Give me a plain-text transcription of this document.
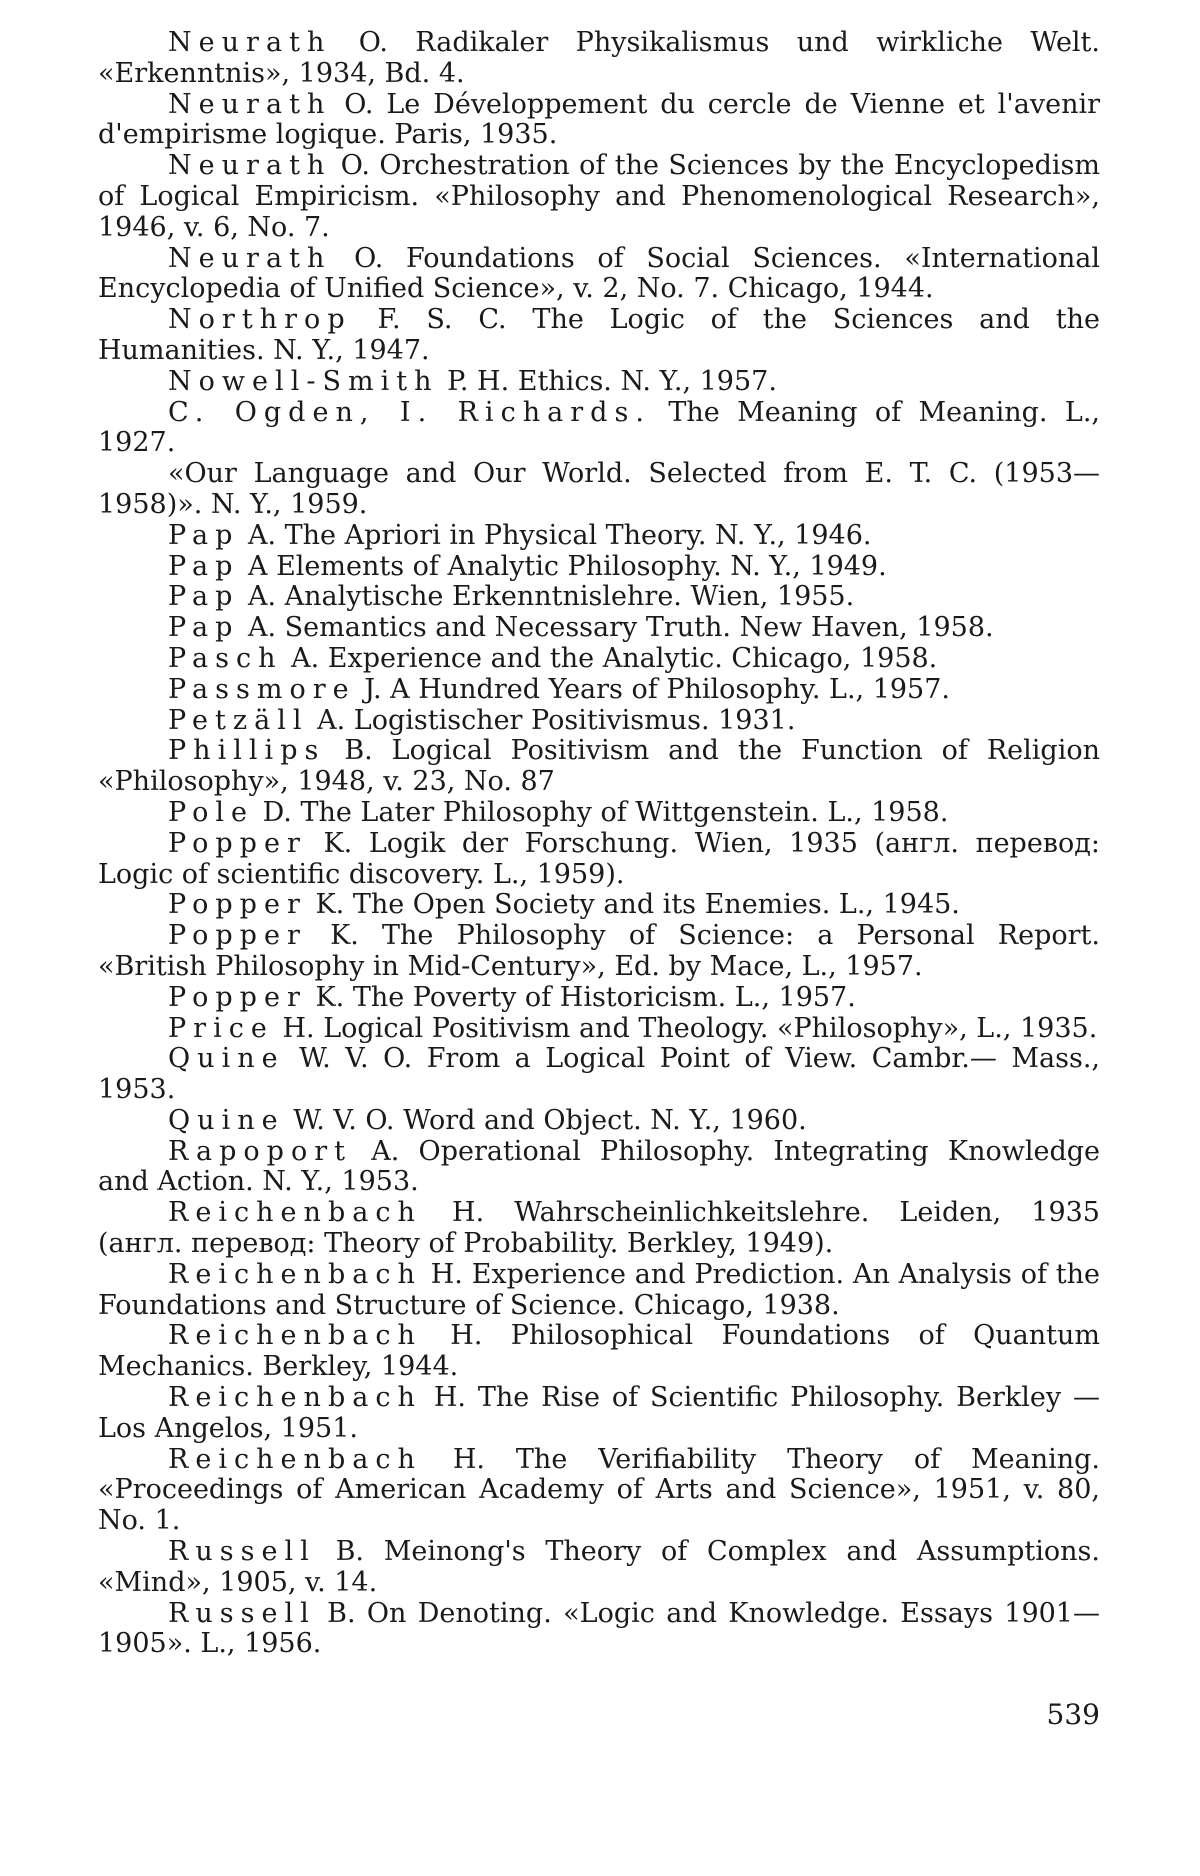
Neurath O. Radikaler Physikalismus und wirkliche Welt. «Erkenntnis», 1934, Bd. 4.

Neurath O. Le Développement du cercle de Vienne et l'avenir d'empirisme logique. Paris, 1935.

Neurath O. Orchestration of the Sciences by the Encyclopedism of Logical Empiricism. «Philosophy and Phenomenological Research», 1946, v. 6, No. 7.

Neurath O. Foundations of Social Sciences. «International Encyclopedia of Unified Science», v. 2, No. 7. Chicago, 1944.

Northrop F. S. C. The Logic of the Sciences and the Humanities. N. Y., 1947.

Nowell-Smith P. H. Ethics. N. Y., 1957.

C. Ogden, I. Richards. The Meaning of Meaning. L., 1927.

«Our Language and Our World. Selected from E. T. C. (1953—1958)». N. Y., 1959.

Pap A. The Apriori in Physical Theory. N. Y., 1946.

Pap A Elements of Analytic Philosophy. N. Y., 1949.

Pap A. Analytische Erkenntnislehre. Wien, 1955.

Pap A. Semantics and Necessary Truth. New Haven, 1958.

Pasch A. Experience and the Analytic. Chicago, 1958.

Passmore J. A Hundred Years of Philosophy. L., 1957.

Petzäll A. Logistischer Positivismus. 1931.

Phillips B. Logical Positivism and the Function of Religion «Philosophy», 1948, v. 23, No. 87

Pole D. The Later Philosophy of Wittgenstein. L., 1958.

Popper K. Logik der Forschung. Wien, 1935 (англ. перевод: Logic of scientific discovery. L., 1959).

Popper K. The Open Society and its Enemies. L., 1945.

Popper K. The Philosophy of Science: a Personal Report. «British Philosophy in Mid-Century», Ed. by Mace, L., 1957.

Popper K. The Poverty of Historicism. L., 1957.

Price H. Logical Positivism and Theology. «Philosophy», L., 1935.

Quine W. V. O. From a Logical Point of View. Cambr.— Mass., 1953.

Quine W. V. O. Word and Object. N. Y., 1960.

Rapoport A. Operational Philosophy. Integrating Knowledge and Action. N. Y., 1953.

Reichenbach H. Wahrscheinlichkeitslehre. Leiden, 1935 (англ. перевод: Theory of Probability. Berkley, 1949).

Reichenbach H. Experience and Prediction. An Analysis of the Foundations and Structure of Science. Chicago, 1938.

Reichenbach H. Philosophical Foundations of Quantum Mechanics. Berkley, 1944.

Reichenbach H. The Rise of Scientific Philosophy. Berkley — Los Angelos, 1951.

Reichenbach H. The Verifiability Theory of Meaning. «Proceedings of American Academy of Arts and Science», 1951, v. 80, No. 1.

Russell B. Meinong's Theory of Complex and Assumptions. «Mind», 1905, v. 14.

Russell B. On Denoting. «Logic and Knowledge. Essays 1901—1905». L., 1956.

539
